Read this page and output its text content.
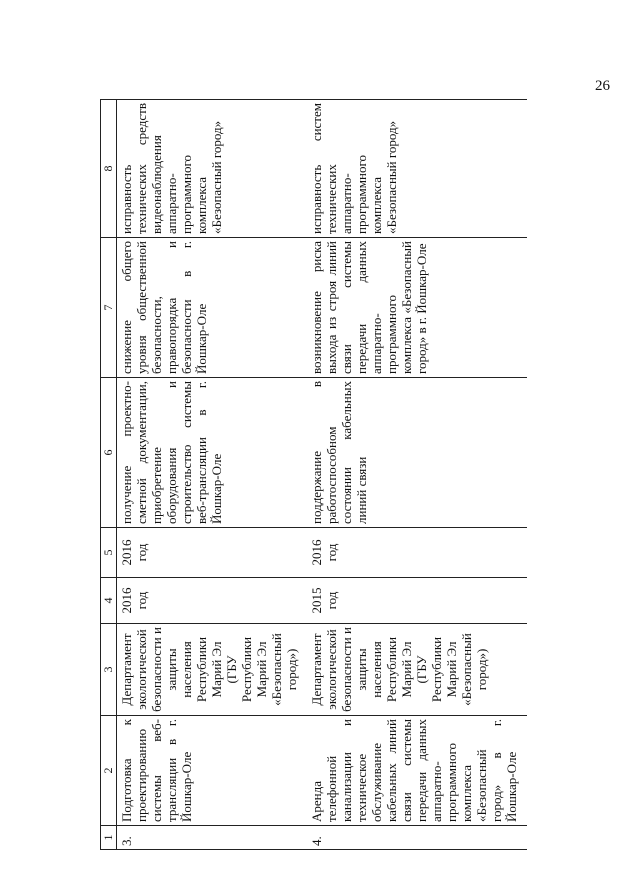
26
1	2	3	4	5	6	7	8
3.	Подготовка к проектированию системы веб-трансляции в г. Йошкар-Оле	Департамент экологической безопасности и защиты населения Республики Марий Эл (ГБУ Республики Марий Эл «Безопасный город»)	2016 год	2016 год	получение проектно-сметной документации, приобретение оборудования и строительство системы веб-трансляции в г. Йошкар-Оле	снижение общего уровня общественной безопасности, правопорядка и безопасности в г. Йошкар-Оле	исправность технических средств видеонаблюдения аппаратно-программного комплекса «Безопасный город»
4.	Аренда телефонной канализации и техническое обслуживание кабельных линий связи системы передачи данных аппаратно-программного комплекса «Безопасный город» в г. Йошкар-Оле	Департамент экологической безопасности и защиты населения Республики Марий Эл (ГБУ Республики Марий Эл «Безопасный город»)	2015 год	2016 год	поддержание в работоспособном состоянии кабельных линий связи	возникновение риска выхода из строя линий связи системы передачи данных аппаратно-программного комплекса «Безопасный город» в г. Йошкар-Оле	исправность систем технических аппаратно-программного комплекса «Безопасный город»
